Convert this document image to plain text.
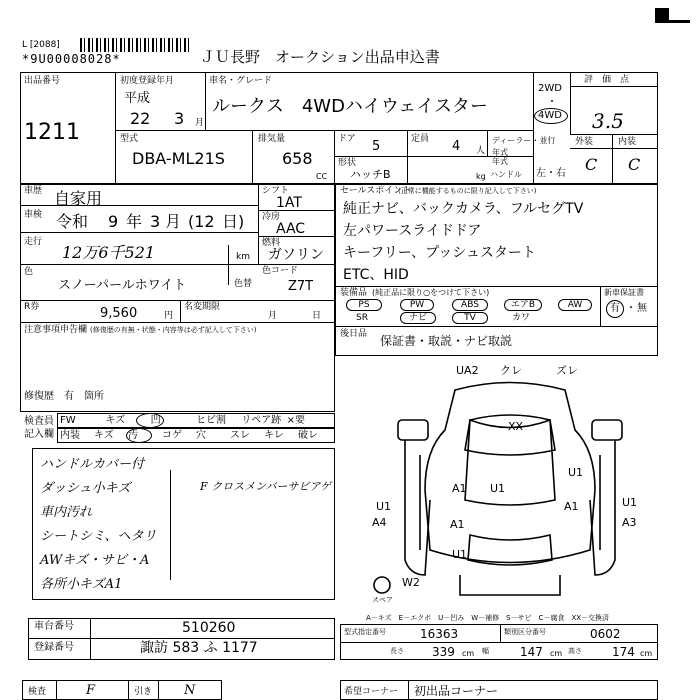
L [2088]
*9U00008028*	ＪＵ長野　オークション出品申込書
出品番号
1211
初度登録年月
平成
22 3 月
車名・グレード
ルークス　4WDハイウェイスター
2WD
・
4WD
評　価　点
3.5
型式
DBA-ML21S
排気量
658
CC
ドア 5
形状
ハッチB
定員 4 人
ディーラー・並行
年式
年式
kg ハンドル 左・右
外装	内装
C C
車歴 自家用
車検 令和 9 年 3 月 (12 日)
走行
12万6千521	km
シフト
1AT
冷房
AAC
燃料
ガソリン
色
スノーパールホワイト	色替
色コード
Z7T
R券	9,560	円
名変期限
月	日
注意事項申告欄 (修復歴の有無・状態・内容等は必ず記入して下さい)
修復歴 有 箇所
セールスポイント
(正常に機能するものに限り記入して下さい)
純正ナビ、バックカメラ、フルセグTV
左パワースライドドア
キーフリー、プッシュスタート
ETC、HID
装備品 (純正品に限り○をつけて下さい)
PS	PW	ABS	エアB	AW
SR	ナビ	TV	カワ
新車保証書
有 ・ 無
後日品 保証書・取説・ナビ取説
検査員
記入欄
FW	キズ	凹	ヒビ割 リペア跡 ×要
内装 キズ 汚 コゲ 穴 スレ キレ 破レ
ハンドルカバー付
ダッシュ小キズ
車内汚れ
シートシミ、ヘタリ
AWキズ・サビ・A
各所小キズA1
F クロスメンバーサビアゲ
UA2 クレ	ズレ
XX
A1 U1
U1
U1
A1
U1
A4
A1
A3
U1
W2
スペア
A－キズ　E－エクボ　U－凹み　W－補修　S－サビ　C－腐食　XX－交換済
車台番号	510260
登録番号	諏訪 583 ふ 1177
型式指定番号	16363	類別区分番号	0602
長さ 339 cm 幅	147 cm 高さ	174 cm
検査	F	引き N	希望コーナー 初出品コーナー
